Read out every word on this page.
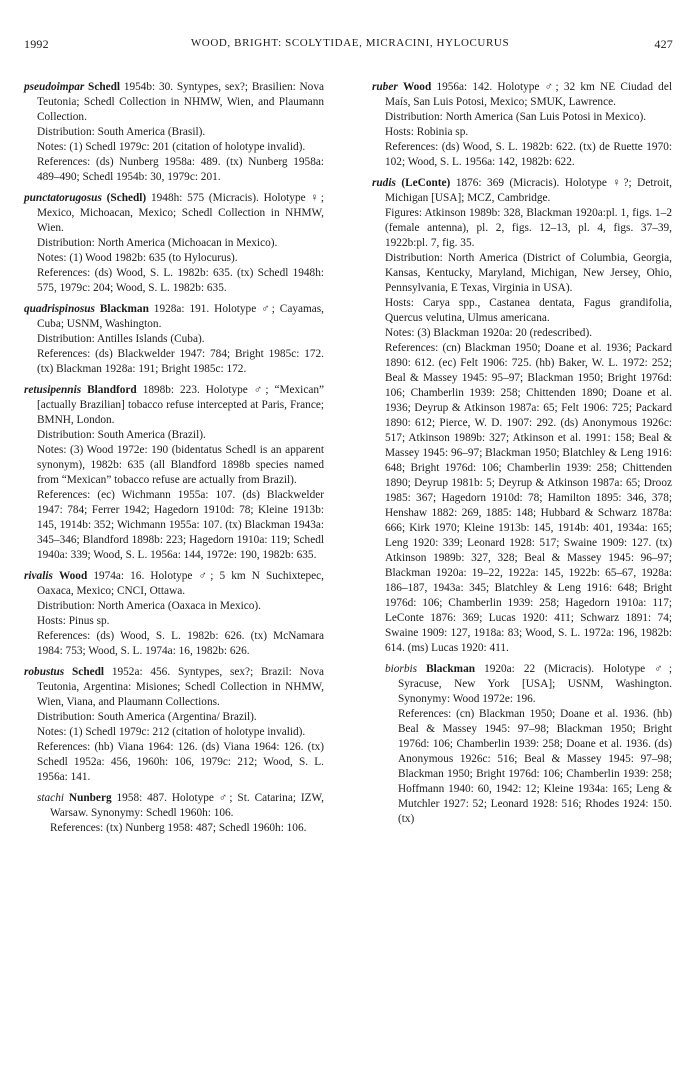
1992	WOOD, BRIGHT: SCOLYTIDAE, MICRACINI, HYLOCURUS	427

pseudoimpar Schedl 1954b: 30. Syntypes, sex?; Brasilien: Nova Teutonia; Schedl Collection in NHMW, Wien, and Plaumann Collection.

Distribution: South America (Brasil).

Notes: (1) Schedl 1979c: 201 (citation of holotype invalid).

References: (ds) Nunberg 1958a: 489. (tx) Nunberg 1958a: 489–490; Schedl 1954b: 30, 1979c: 201.

punctatorugosus (Schedl) 1948h: 575 (Micracis). Holotype ♀; Mexico, Michoacan, Mexico; Schedl Collection in NHMW, Wien.

Distribution: North America (Michoacan in Mexico).

Notes: (1) Wood 1982b: 635 (to Hylocurus).

References: (ds) Wood, S. L. 1982b: 635. (tx) Schedl 1948h: 575, 1979c: 204; Wood, S. L. 1982b: 635.

quadrispinosus Blackman 1928a: 191. Holotype ♂; Cayamas, Cuba; USNM, Washington.

Distribution: Antilles Islands (Cuba).

References: (ds) Blackwelder 1947: 784; Bright 1985c: 172. (tx) Blackman 1928a: 191; Bright 1985c: 172.

retusipennis Blandford 1898b: 223. Holotype ♂; “Mexican” [actually Brazilian] tobacco refuse intercepted at Paris, France; BMNH, London.

Distribution: South America (Brazil).

Notes: (3) Wood 1972e: 190 (bidentatus Schedl is an apparent synonym), 1982b: 635 (all Blandford 1898b species named from “Mexican” tobacco refuse are actually from Brazil).

References: (ec) Wichmann 1955a: 107. (ds) Blackwelder 1947: 784; Ferrer 1942; Hagedorn 1910d: 78; Kleine 1913b: 145, 1914b: 352; Wichmann 1955a: 107. (tx) Blackman 1943a: 345–346; Blandford 1898b: 223; Hagedorn 1910a: 119; Schedl 1940a: 339; Wood, S. L. 1956a: 144, 1972e: 190, 1982b: 635.

rivalis Wood 1974a: 16. Holotype ♂; 5 km N Suchixtepec, Oaxaca, Mexico; CNCI, Ottawa.

Distribution: North America (Oaxaca in Mexico).

Hosts: Pinus sp.

References: (ds) Wood, S. L. 1982b: 626. (tx) McNamara 1984: 753; Wood, S. L. 1974a: 16, 1982b: 626.

robustus Schedl 1952a: 456. Syntypes, sex?; Brazil: Nova Teutonia, Argentina: Misiones; Schedl Collection in NHMW, Wien, Viana, and Plaumann Collections.

Distribution: South America (Argentina/ Brazil).

Notes: (1) Schedl 1979c: 212 (citation of holotype invalid).

References: (hb) Viana 1964: 126. (ds) Viana 1964: 126. (tx) Schedl 1952a: 456, 1960h: 106, 1979c: 212; Wood, S. L. 1956a: 141.

stachi Nunberg 1958: 487. Holotype ♂; St. Catarina; IZW, Warsaw. Synonymy: Schedl 1960h: 106.

References: (tx) Nunberg 1958: 487; Schedl 1960h: 106.

ruber Wood 1956a: 142. Holotype ♂; 32 km NE Ciudad del Maís, San Luis Potosi, Mexico; SMUK, Lawrence.

Distribution: North America (San Luis Potosi in Mexico).

Hosts: Robinia sp.

References: (ds) Wood, S. L. 1982b: 622. (tx) de Ruette 1970: 102; Wood, S. L. 1956a: 142, 1982b: 622.

rudis (LeConte) 1876: 369 (Micracis). Holotype ♀?; Detroit, Michigan [USA]; MCZ, Cambridge.

Figures: Atkinson 1989b: 328, Blackman 1920a:pl. 1, figs. 1–2 (female antenna), pl. 2, figs. 12–13, pl. 4, figs. 37–39, 1922b:pl. 7, fig. 35.

Distribution: North America (District of Columbia, Georgia, Kansas, Kentucky, Maryland, Michigan, New Jersey, Ohio, Pennsylvania, E Texas, Virginia in USA).

Hosts: Carya spp., Castanea dentata, Fagus grandifolia, Quercus velutina, Ulmus americana.

Notes: (3) Blackman 1920a: 20 (redescribed).

References: (cn) Blackman 1950; Doane et al. 1936; Packard 1890: 612. (ec) Felt 1906: 725. (hb) Baker, W. L. 1972: 252; Beal & Massey 1945: 95–97; Blackman 1950; Bright 1976d: 106; Chamberlin 1939: 258; Chittenden 1890; Doane et al. 1936; Deyrup & Atkinson 1987a: 65; Felt 1906: 725; Packard 1890: 612; Pierce, W. D. 1907: 292. (ds) Anonymous 1926c: 517; Atkinson 1989b: 327; Atkinson et al. 1991: 158; Beal & Massey 1945: 96–97; Blackman 1950; Blatchley & Leng 1916: 648; Bright 1976d: 106; Chamberlin 1939: 258; Chittenden 1890; Deyrup 1981b: 5; Deyrup & Atkinson 1987a: 65; Drooz 1985: 367; Hagedorn 1910d: 78; Hamilton 1895: 346, 378; Henshaw 1882: 269, 1885: 148; Hubbard & Schwarz 1878a: 666; Kirk 1970; Kleine 1913b: 145, 1914b: 401, 1934a: 165; Leng 1920: 339; Leonard 1928: 517; Swaine 1909: 127. (tx) Atkinson 1989b: 327, 328; Beal & Massey 1945: 96–97; Blackman 1920a: 19–22, 1922a: 145, 1922b: 65–67, 1928a: 186–187, 1943a: 345; Blatchley & Leng 1916: 648; Bright 1976d: 106; Chamberlin 1939: 258; Hagedorn 1910a: 117; LeConte 1876: 369; Lucas 1920: 411; Schwarz 1891: 74; Swaine 1909: 127, 1918a: 83; Wood, S. L. 1972a: 196, 1982b: 614. (ms) Lucas 1920: 411.

biorbis Blackman 1920a: 22 (Micracis). Holotype ♂; Syracuse, New York [USA]; USNM, Washington. Synonymy: Wood 1972e: 196.

References: (cn) Blackman 1950; Doane et al. 1936. (hb) Beal & Massey 1945: 97–98; Blackman 1950; Bright 1976d: 106; Chamberlin 1939: 258; Doane et al. 1936. (ds) Anonymous 1926c: 516; Beal & Massey 1945: 97–98; Blackman 1950; Bright 1976d: 106; Chamberlin 1939: 258; Hoffmann 1940: 60, 1942: 12; Kleine 1934a: 165; Leng & Mutchler 1927: 52; Leonard 1928: 516; Rhodes 1924: 150. (tx)
